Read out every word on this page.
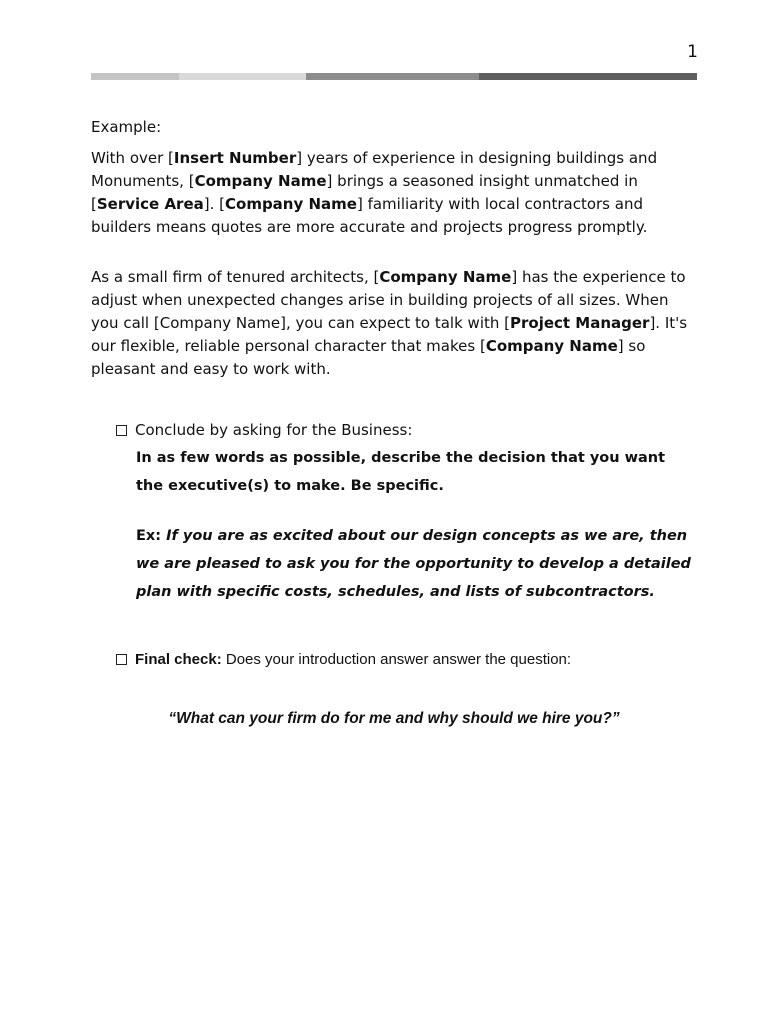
1

Example:

With over [Insert Number] years of experience in designing buildings and Monuments, [Company Name] brings a seasoned insight unmatched in [Service Area]. [Company Name] familiarity with local contractors and builders means quotes are more accurate and projects progress promptly.

As a small firm of tenured architects, [Company Name] has the experience to adjust when unexpected changes arise in building projects of all sizes. When you call [Company Name], you can expect to talk with [Project Manager]. It's our flexible, reliable personal character that makes [Company Name] so pleasant and easy to work with.

Conclude by asking for the Business:
In as few words as possible, describe the decision that you want the executive(s) to make. Be specific.
Ex: If you are as excited about our design concepts as we are, then we are pleased to ask you for the opportunity to develop a detailed plan with specific costs, schedules, and lists of subcontractors.
Final check: Does your introduction answer answer the question:
“What can your firm do for me and why should we hire you?”
